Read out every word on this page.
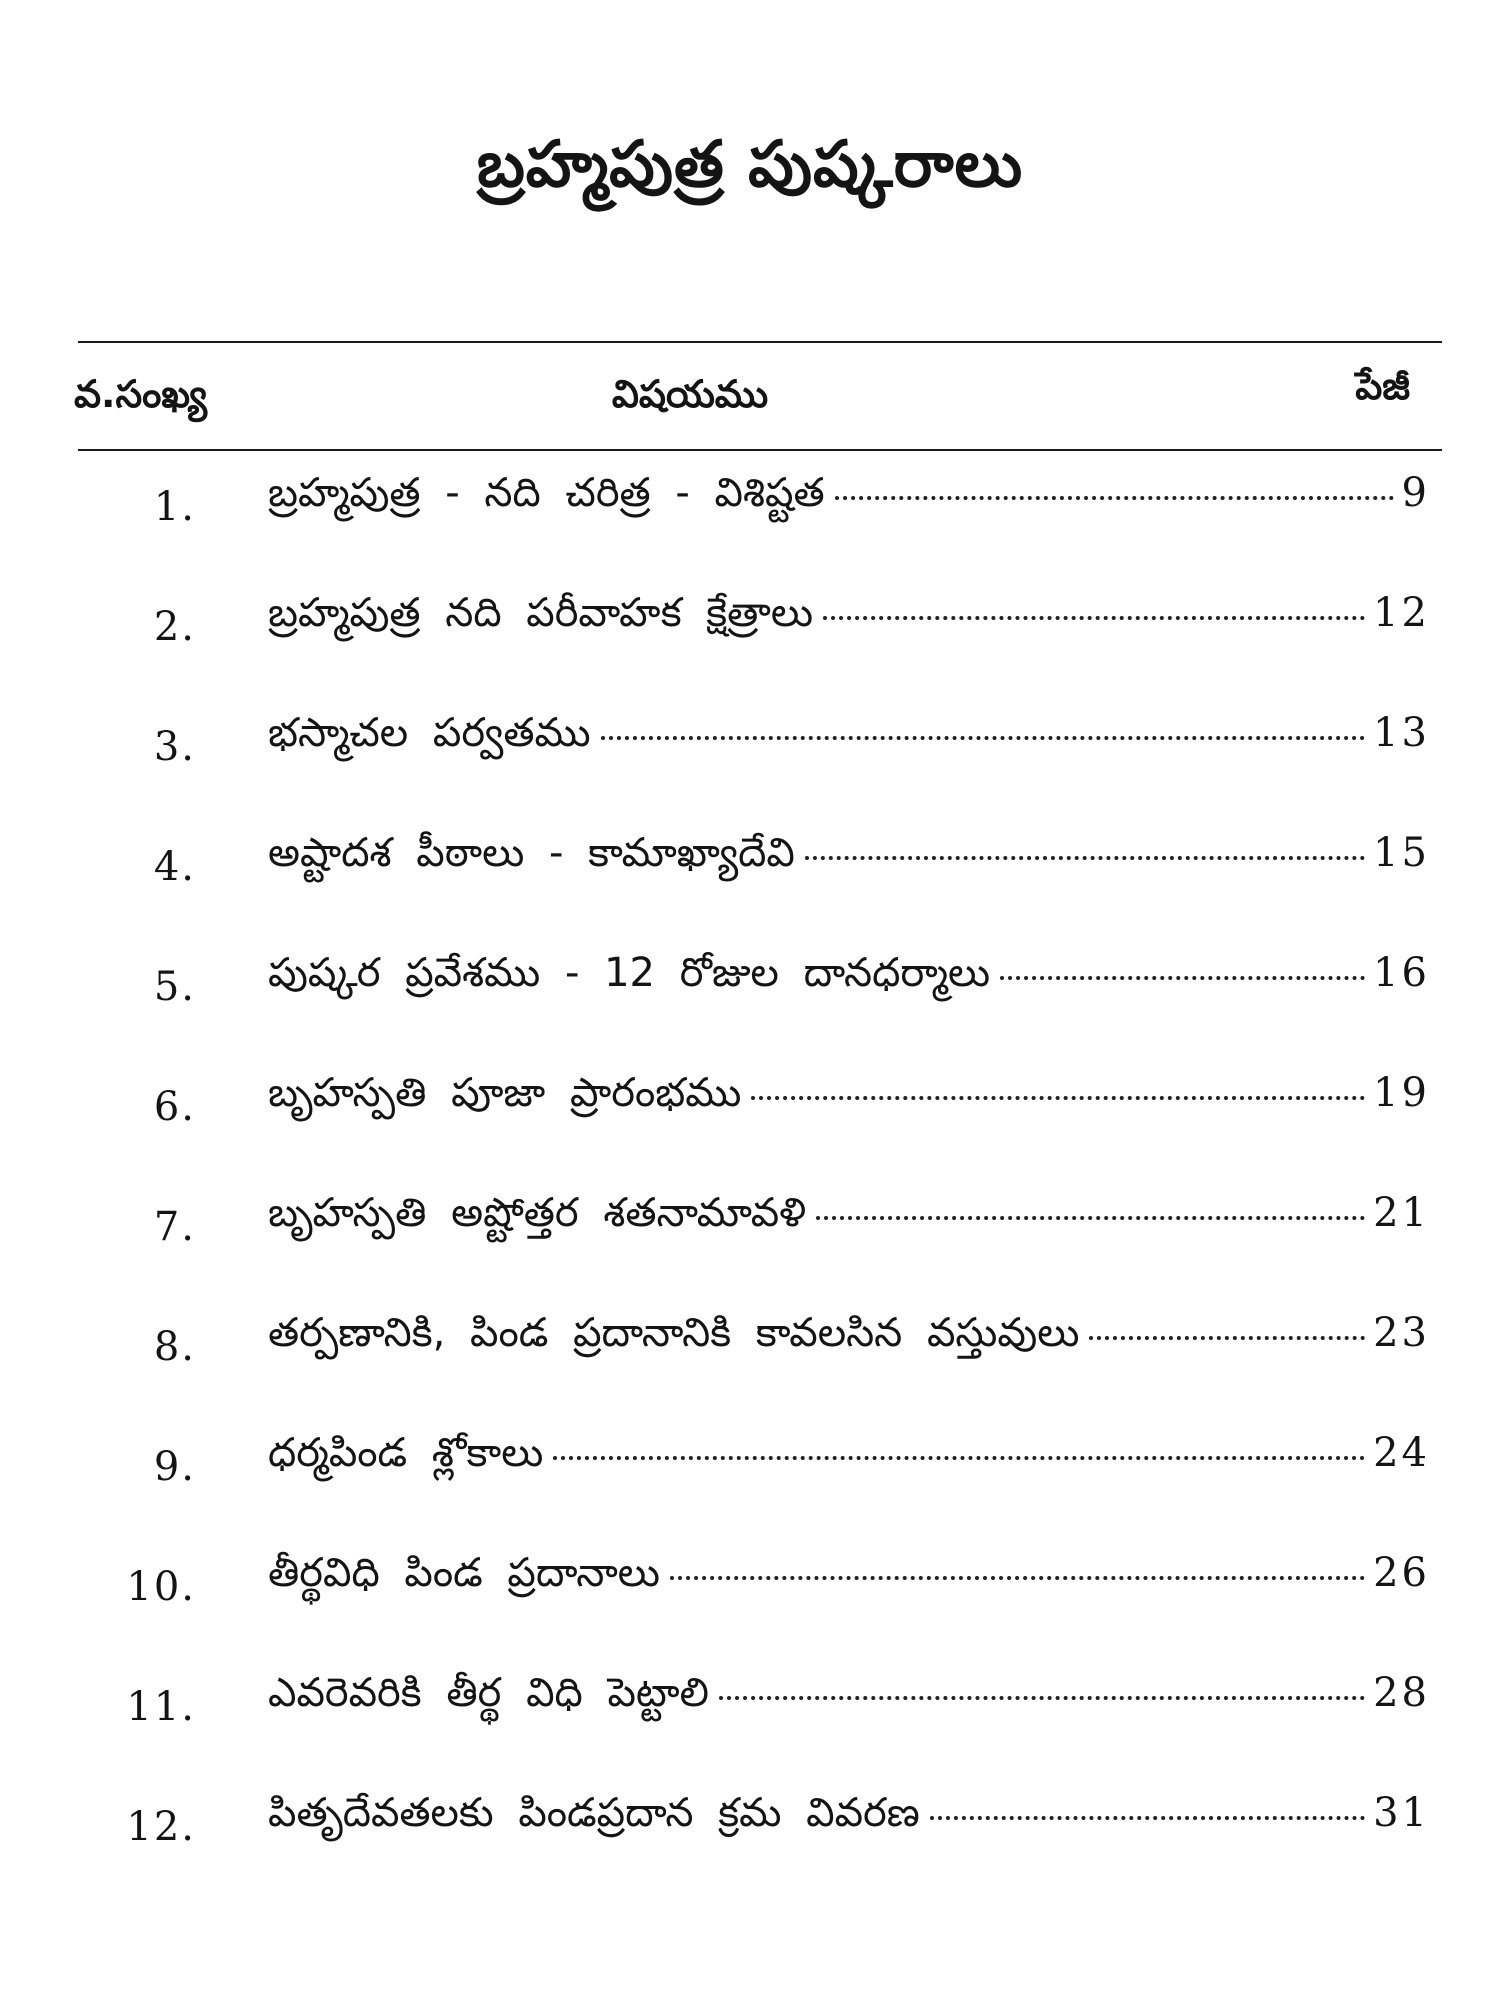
బ్రహ్మపుత్ర పుష్కరాలు
వ.సంఖ్య	విషయము	పేజీ
1. బ్రహ్మపుత్ర - నది చరిత్ర - విశిష్టత	9
2. బ్రహ్మపుత్ర నది పరీవాహక క్షేత్రాలు	12
3. భస్మాచల పర్వతము	13
4. అష్టాదశ పీఠాలు - కామాఖ్యాదేవి	15
5. పుష్కర ప్రవేశము - 12 రోజుల దానధర్మాలు	16
6. బృహస్పతి పూజా ప్రారంభము	19
7. బృహస్పతి అష్టోత్తర శతనామావళి	21
8. తర్పణానికి, పిండ ప్రదానానికి కావలసిన వస్తువులు	23
9. ధర్మపిండ శ్లోకాలు	24
10. తీర్థవిధి పిండ ప్రదానాలు	26
11. ఎవరెవరికి తీర్థ విధి పెట్టాలి	28
12. పితృదేవతలకు పిండప్రదాన క్రమ వివరణ	31
